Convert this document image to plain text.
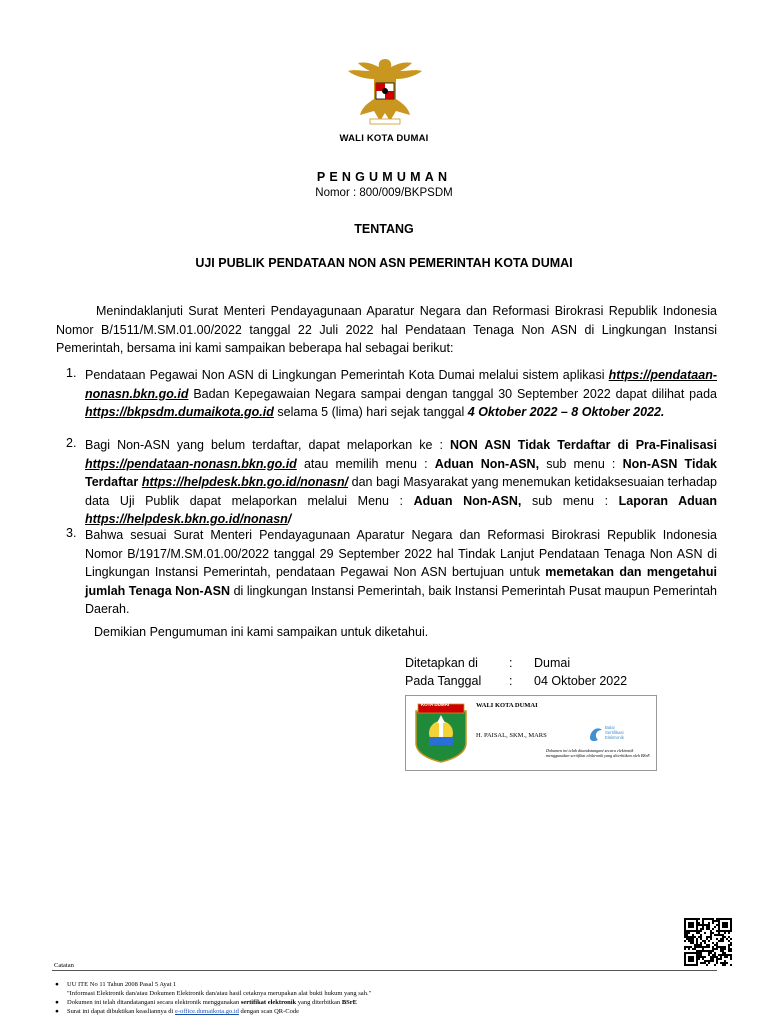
WALI KOTA DUMAI
PENGUMUMAN
Nomor : 800/009/BKPSDM
TENTANG
UJI PUBLIK PENDATAAN NON ASN PEMERINTAH KOTA DUMAI
Menindaklanjuti Surat Menteri Pendayagunaan Aparatur Negara dan Reformasi Birokrasi Republik Indonesia Nomor B/1511/M.SM.01.00/2022 tanggal 22 Juli 2022 hal Pendataan Tenaga Non ASN di Lingkungan Instansi Pemerintah, bersama ini kami sampaikan beberapa hal sebagai berikut:
1. Pendataan Pegawai Non ASN di Lingkungan Pemerintah Kota Dumai melalui sistem aplikasi https://pendataan-nonasn.bkn.go.id Badan Kepegawaian Negara sampai dengan tanggal 30 September 2022 dapat dilihat pada https://bkpsdm.dumaikota.go.id selama 5 (lima) hari sejak tanggal 4 Oktober 2022 – 8 Oktober 2022.
2. Bagi Non-ASN yang belum terdaftar, dapat melaporkan ke : NON ASN Tidak Terdaftar di Pra-Finalisasi https://pendataan-nonasn.bkn.go.id atau memilih menu : Aduan Non-ASN, sub menu : Non-ASN Tidak Terdaftar https://helpdesk.bkn.go.id/nonasn/ dan bagi Masyarakat yang menemukan ketidaksesuaian terhadap data Uji Publik dapat melaporkan melalui Menu : Aduan Non-ASN, sub menu : Laporan Aduan https://helpdesk.bkn.go.id/nonasn/
3. Bahwa sesuai Surat Menteri Pendayagunaan Aparatur Negara dan Reformasi Birokrasi Republik Indonesia Nomor B/1917/M.SM.01.00/2022 tanggal 29 September 2022 hal Tindak Lanjut Pendataan Tenaga Non ASN di Lingkungan Instansi Pemerintah, pendataan Pegawai Non ASN bertujuan untuk memetakan dan mengetahui jumlah Tenaga Non-ASN di lingkungan Instansi Pemerintah, baik Instansi Pemerintah Pusat maupun Pemerintah Daerah.
Demikian Pengumuman ini kami sampaikan untuk diketahui.
Ditetapkan di : Dumai
Pada Tanggal : 04 Oktober 2022
KOTA DUMAI	WALI KOTA DUMAI
H. PAISAL, SKM., MARS
Dokumen ini telah ditandatangani secara elektronik menggunakan sertifikat elektronik yang diterbitkan oleh BSrE
Balai
Sertifikasi
Elektronik
Catatan
● UU ITE No 11 Tahun 2008 Pasal 5 Ayat 1
"Informasi Elektronik dan/atau Dokumen Elektronik dan/atau hasil cetaknya merupakan alat bukti hukum yang sah."
● Dokumen ini telah ditandatangani secara elektronik menggunakan sertifikat elektronik yang diterbitkan BSrE
● Surat ini dapat dibuktikan keasliannya di e-office.dumaikota.go.id dengan scan QR-Code
